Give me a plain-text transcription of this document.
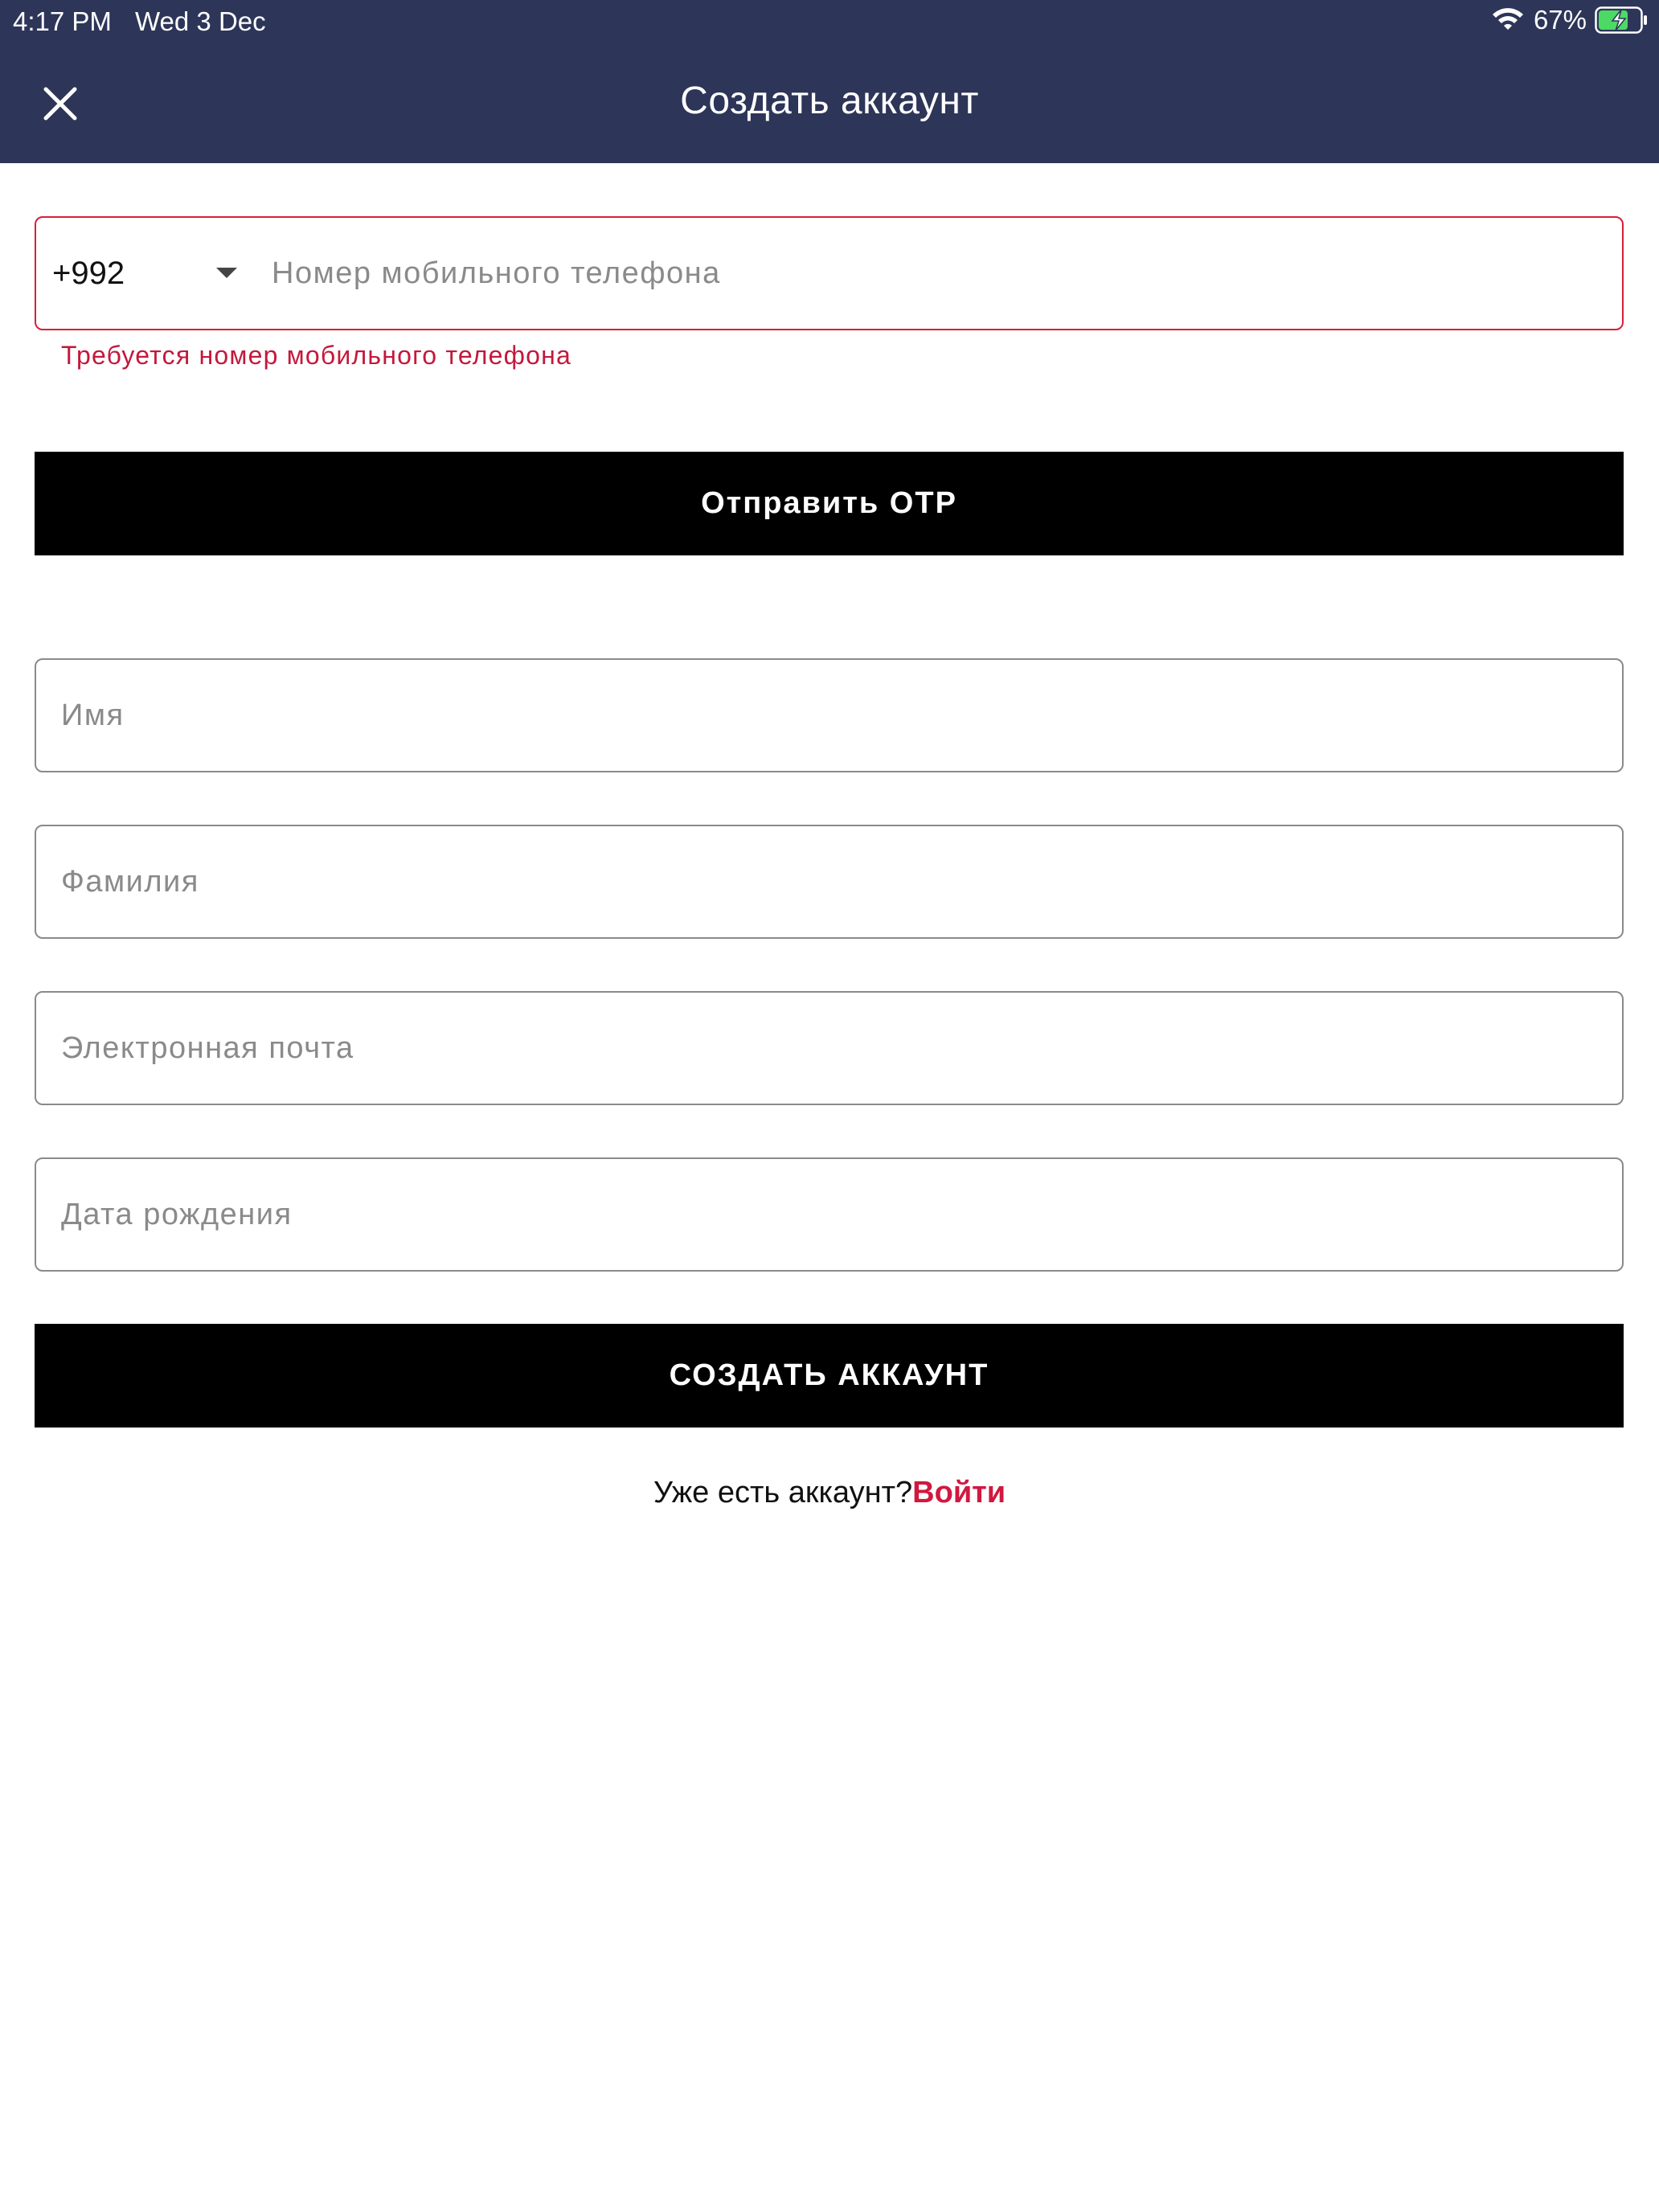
4:17 PM Wed 3 Dec	67%
Создать аккаунт
+992	Номер мобильного телефона
Требуется номер мобильного телефона
Отправить OTP
Имя
Фамилия
Электронная почта
Дата рождения
СОЗДАТЬ АККАУНТ
Уже есть аккаунт?Войти
